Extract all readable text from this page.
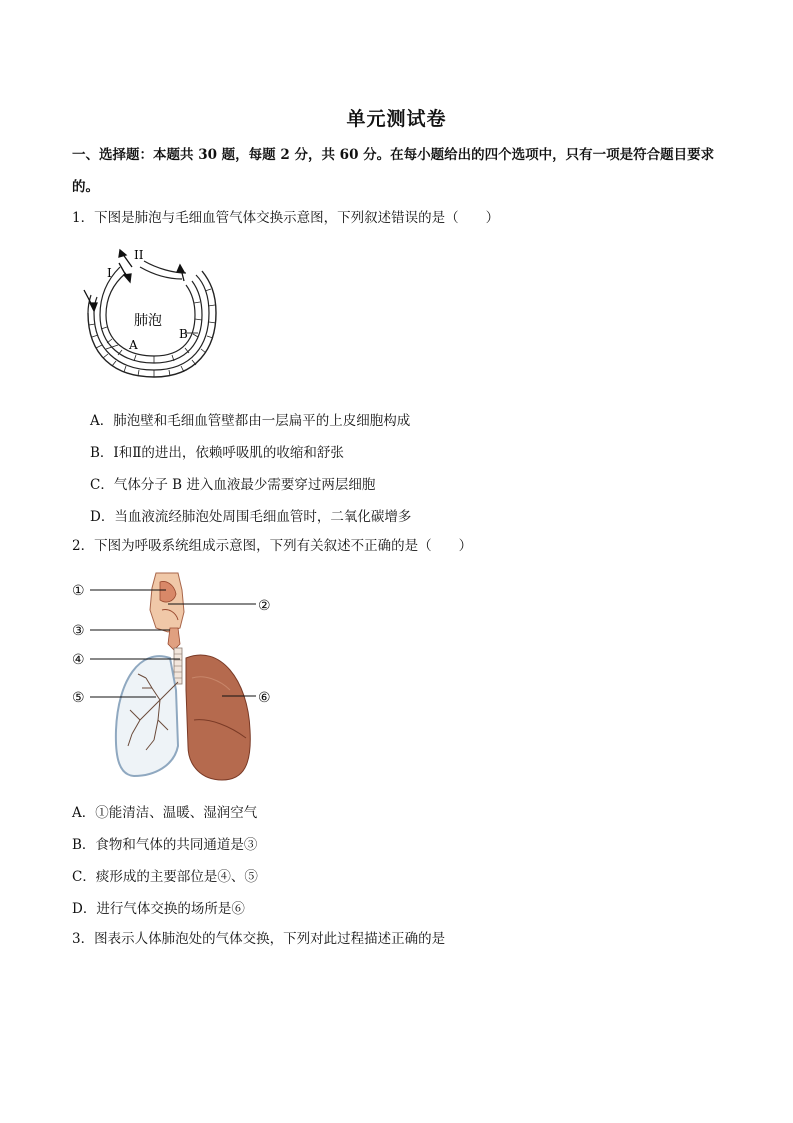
单元测试卷
一、选择题：本题共 30 题，每题 2 分，共 60 分。在每小题给出的四个选项中，只有一项是符合题目要求
的。
1．下图是肺泡与毛细血管气体交换示意图，下列叙述错误的是（　　）
I
II
肺泡
A
B
A．肺泡壁和毛细血管壁都由一层扁平的上皮细胞构成
B．Ⅰ和Ⅱ的进出，依赖呼吸肌的收缩和舒张
C．气体分子 B 进入血液最少需要穿过两层细胞
D．当血液流经肺泡处周围毛细血管时，二氧化碳增多
2．下图为呼吸系统组成示意图，下列有关叙述不正确的是（　　）
①
②
③
④
⑤	⑥
A．①能清洁、温暖、湿润空气
B．食物和气体的共同通道是③
C．痰形成的主要部位是④、⑤
D．进行气体交换的场所是⑥
3．图表示人体肺泡处的气体交换，下列对此过程描述正确的是
